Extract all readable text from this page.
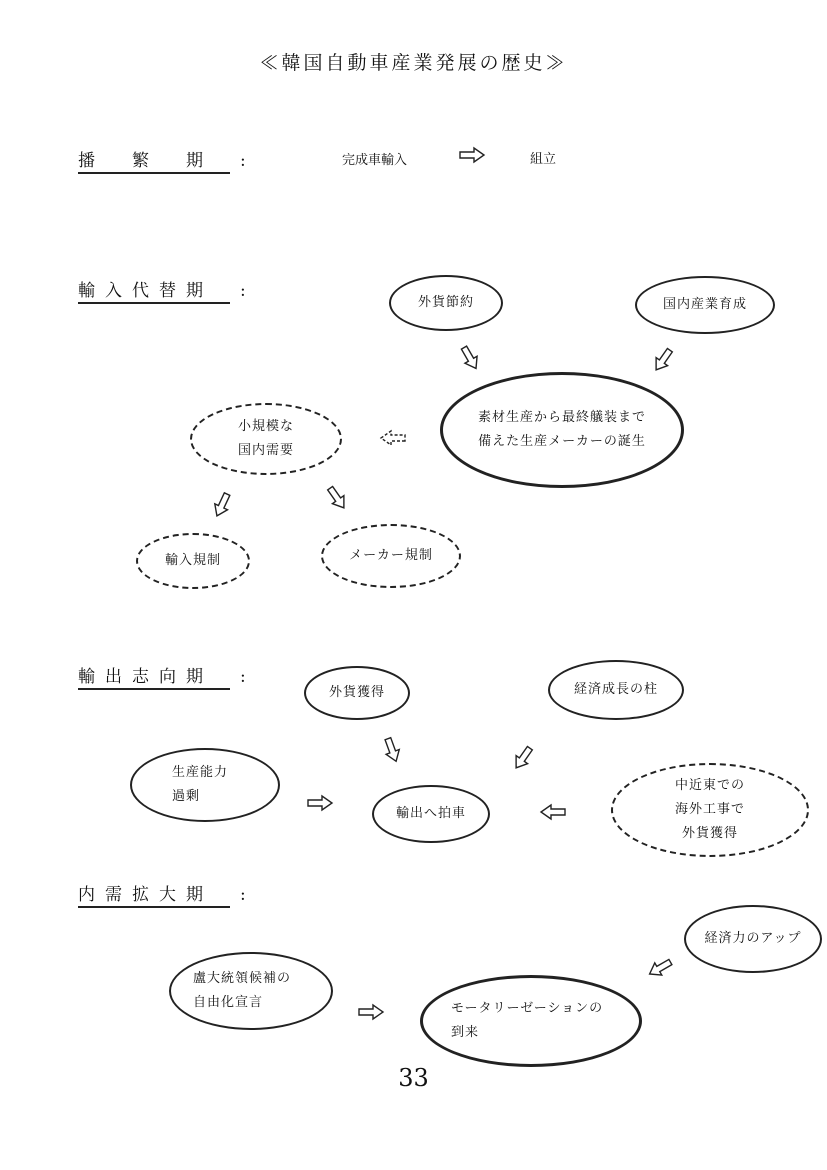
≪韓国自動車産業発展の歴史≫
播　繁　期　:	完成車輸入	組立
輸入代替期　:
外貨節約	国内産業育成
素材生産から最終艤装まで
備えた生産メーカーの誕生
小規模な
国内需要
輸入規制	メーカー規制
輸出志向期　:
外貨獲得	経済成長の柱
生産能力
過剰
輸出へ拍車
中近東での
海外工事で
外貨獲得
内需拡大期　:
経済力のアップ
盧大統領候補の
自由化宣言	モータリーゼーションの
到来
33
